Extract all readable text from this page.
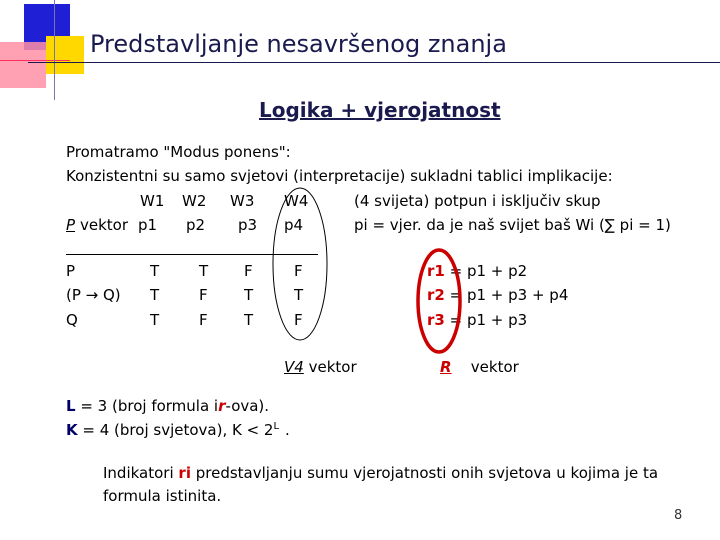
Predstavljanje nesavršenog znanja
Logika + vjerojatnost
Promatramo "Modus ponens":
Konzistentni su samo svjetovi (interpretacije) sukladni tablici implikacije:
W1 W2 W3 W4	(4 svijeta) potpun i isključiv skup
P vektor p1 p2 p3 p4	pi = vjer. da je naš svijet baš Wi (∑ pi = 1)
P	T	T F	F
(P → Q) T	F T	T
Q	T	F T	F
r1 = p1 + p2
r2 = p1 + p3 + p4
r3 = p1 + p3
V4 vektor	R vektor
L = 3 (broj formula ir-ova).
K = 4 (broj svjetova), $K < 2^L$ .
Indikatori ri predstavljanju sumu vjerojatnosti onih svjetova u kojima je ta
formula istinita.
8
